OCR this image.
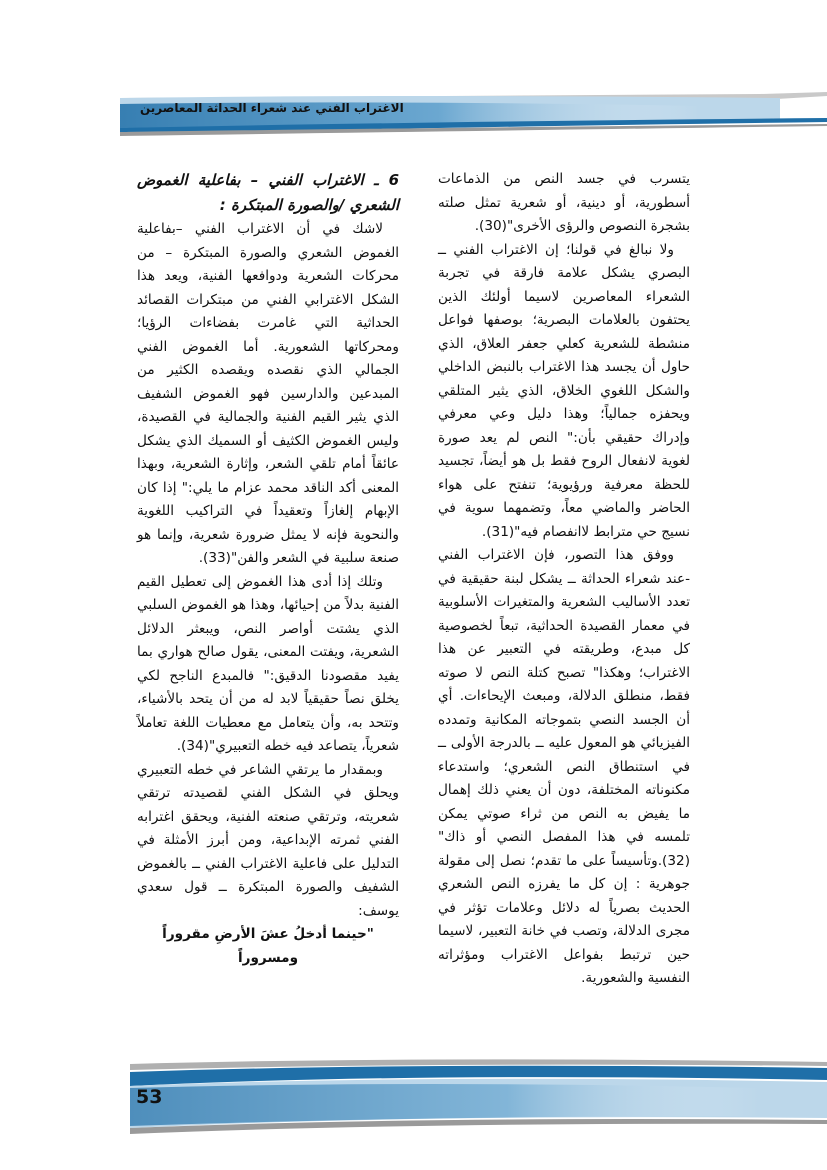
الاغتراب الفني عند شعراء الحداثة المعاصرين

يتسرب في جسد النص من الذماعات أسطورية، أو دينية، أو شعرية تمثل صلته بشجرة النصوص والرؤى الأخرى"(30).

ولا نبالغ في قولنا؛ إن الاغتراب الفني ــ البصري يشكل علامة فارقة في تجربة الشعراء المعاصرين لاسيما أولئك الذين يحتفون بالعلامات البصرية؛ بوصفها فواعل منشطة للشعرية كعلي جعفر العلاق، الذي حاول أن يجسد هذا الاغتراب بالنبض الداخلي والشكل اللغوي الخلاق، الذي يثير المتلقي ويحفزه جمالياً؛ وهذا دليل وعي معرفي وإدراك حقيقي بأن:" النص لم يعد صورة لغوية لانفعال الروح فقط بل هو أيضاً، تجسيد للحظة معرفية ورؤيوية؛ تنفتح على هواء الحاضر والماضي معاً، وتضمهما سوية في نسيج حي مترابط لاانفصام فيه"(31).

ووفق هذا التصور، فإن الاغتراب الفني -عند شعراء الحداثة ــ يشكل لبنة حقيقية في تعدد الأساليب الشعرية والمتغيرات الأسلوبية في معمار القصيدة الحداثية، تبعاً لخصوصية كل مبدع، وطريقته في التعبير عن هذا الاغتراب؛ وهكذا" تصبح كتلة النص لا صوته فقط، منطلق الدلالة، ومبعث الإيحاءات. أي أن الجسد النصي بتموجاته المكانية وتمدده الفيزيائي هو المعول عليه ــ بالدرجة الأولى ــ في استنطاق النص الشعري؛ واستدعاء مكنوناته المختلفة، دون أن يعني ذلك إهمال ما يفيض به النص من ثراء صوتي يمكن تلمسه في هذا المفصل النصي أو ذاك"(32).وتأسيساً على ما تقدم؛ نصل إلى مقولة جوهرية : إن كل ما يفرزه النص الشعري الحديث بصرياً له دلائل وعلامات تؤثر في مجرى الدلالة، وتصب في خانة التعبير، لاسيما حين ترتبط بفواعل الاغتراب ومؤثراته النفسية والشعورية.

6 ـ الاغتراب الفني – بفاعلية الغموض الشعري /والصورة المبتكرة :

لاشك في أن الاغتراب الفني –بفاعلية الغموض الشعري والصورة المبتكرة – من محركات الشعرية ودوافعها الفنية، ويعد هذا الشكل الاغترابي الفني من مبتكرات القصائد الحداثية التي غامرت بفضاءات الرؤيا؛ ومحركاتها الشعورية. أما الغموض الفني الجمالي الذي نقصده ويقصده الكثير من المبدعين والدارسين فهو الغموض الشفيف الذي يثير القيم الفنية والجمالية في القصيدة، وليس الغموض الكثيف أو السميك الذي يشكل عائقاً أمام تلقي الشعر، وإثارة الشعرية، وبهذا المعنى أكد الناقد محمد عزام ما يلي:" إذا كان الإبهام إلغازاً وتعقيداً في التراكيب اللغوية والنحوية فإنه لا يمثل ضرورة شعرية، وإنما هو صنعة سلبية في الشعر والفن"(33).

وتلك إذا أدى هذا الغموض إلى تعطيل القيم الفنية بدلاً من إحيائها، وهذا هو الغموض السلبي الذي يشتت أواصر النص، ويبعثر الدلائل الشعرية، ويفتت المعنى، يقول صالح هواري بما يفيد مقصودنا الدقيق:" فالمبدع الناجح لكي يخلق نصاً حقيقياً لابد له من أن يتحد بالأشياء، وتتحد به، وأن يتعامل مع معطيات اللغة تعاملاً شعرياً، يتصاعد فيه خطه التعبيري"(34).

وبمقدار ما يرتقي الشاعر في خطه التعبيري ويحلق في الشكل الفني لقصيدته ترتقي شعريته، وترتقي صنعته الفنية، ويحقق اغترابه الفني ثمرته الإبداعية، ومن أبرز الأمثلة في التدليل على فاعلية الاغتراب الفني ــ بالغموض الشفيف والصورة المبتكرة ــ قول سعدي يوسف:

"حينما أدخلُ عشَ الأرضِ مقروراً ومسروراً

53
